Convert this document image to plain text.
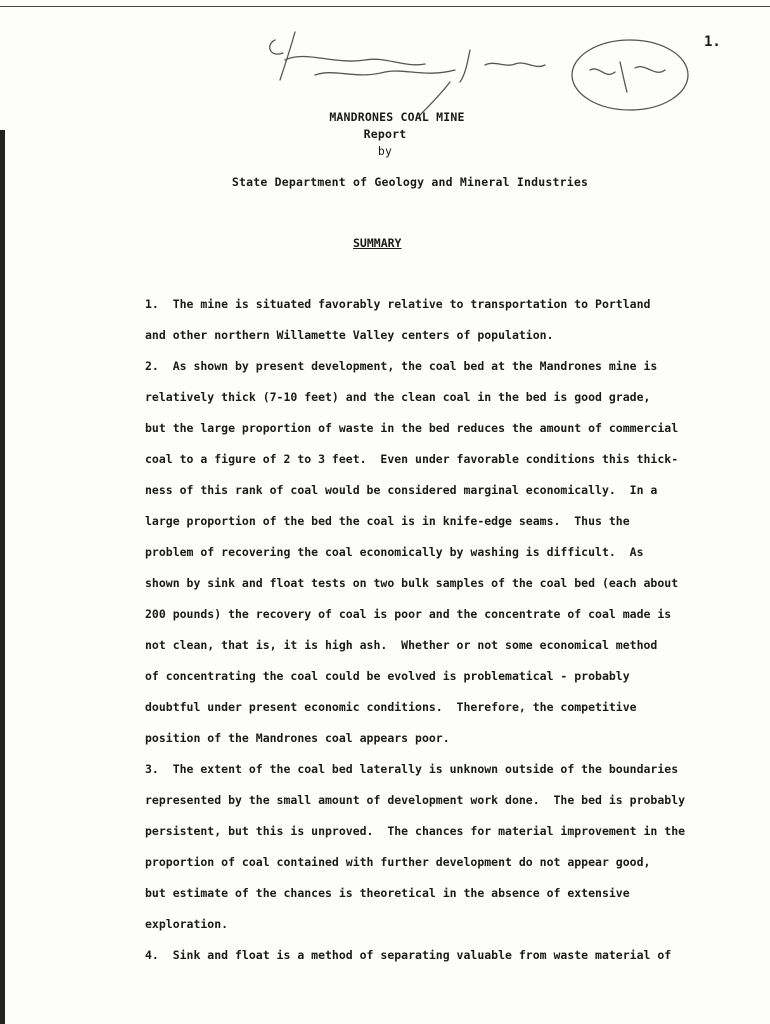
1.
MANDRONES COAL MINE
Report
by
State Department of Geology and Mineral Industries
SUMMARY
1.  The mine is situated favorably relative to transportation to Portland
and other northern Willamette Valley centers of population.
2.  As shown by present development, the coal bed at the Mandrones mine is
relatively thick (7-10 feet) and the clean coal in the bed is good grade,
but the large proportion of waste in the bed reduces the amount of commercial
coal to a figure of 2 to 3 feet.  Even under favorable conditions this thick-
ness of this rank of coal would be considered marginal economically.  In a
large proportion of the bed the coal is in knife-edge seams.  Thus the
problem of recovering the coal economically by washing is difficult.  As
shown by sink and float tests on two bulk samples of the coal bed (each about
200 pounds) the recovery of coal is poor and the concentrate of coal made is
not clean, that is, it is high ash.  Whether or not some economical method
of concentrating the coal could be evolved is problematical - probably
doubtful under present economic conditions.  Therefore, the competitive
position of the Mandrones coal appears poor.
3.  The extent of the coal bed laterally is unknown outside of the boundaries
represented by the small amount of development work done.  The bed is probably
persistent, but this is unproved.  The chances for material improvement in the
proportion of coal contained with further development do not appear good,
but estimate of the chances is theoretical in the absence of extensive
exploration.
4.  Sink and float is a method of separating valuable from waste material of
